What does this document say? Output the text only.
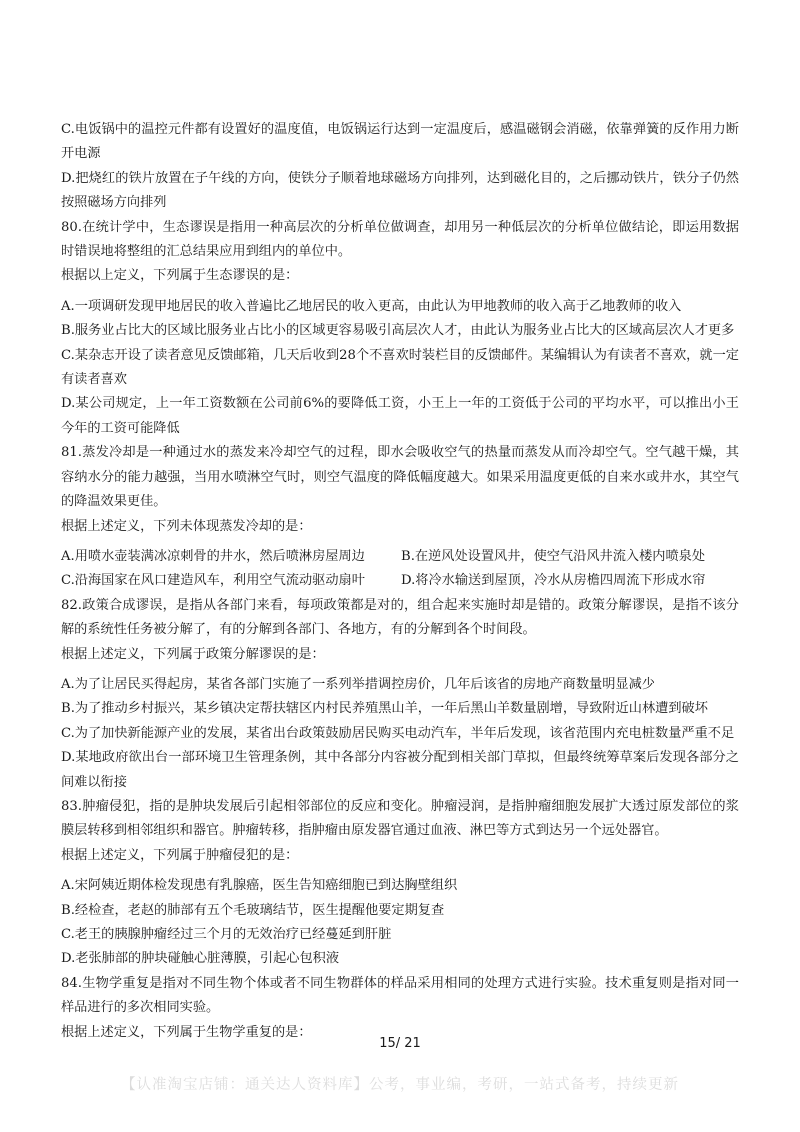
C.电饭锅中的温控元件都有设置好的温度值，电饭锅运行达到一定温度后，感温磁钢会消磁，依靠弹簧的反作用力断开电源

D.把烧红的铁片放置在子午线的方向，使铁分子顺着地球磁场方向排列，达到磁化目的，之后挪动铁片，铁分子仍然按照磁场方向排列

80.在统计学中，生态谬误是指用一种高层次的分析单位做调查，却用另一种低层次的分析单位做结论，即运用数据时错误地将整组的汇总结果应用到组内的单位中。

根据以上定义，下列属于生态谬误的是：

A.一项调研发现甲地居民的收入普遍比乙地居民的收入更高，由此认为甲地教师的收入高于乙地教师的收入

B.服务业占比大的区域比服务业占比小的区域更容易吸引高层次人才，由此认为服务业占比大的区域高层次人才更多

C.某杂志开设了读者意见反馈邮箱，几天后收到28个不喜欢时装栏目的反馈邮件。某编辑认为有读者不喜欢，就一定有读者喜欢

D.某公司规定，上一年工资数额在公司前6%的要降低工资，小王上一年的工资低于公司的平均水平，可以推出小王今年的工资可能降低

81.蒸发冷却是一种通过水的蒸发来冷却空气的过程，即水会吸收空气的热量而蒸发从而冷却空气。空气越干燥，其容纳水分的能力越强，当用水喷淋空气时，则空气温度的降低幅度越大。如果采用温度更低的自来水或井水，其空气的降温效果更佳。

根据上述定义，下列未体现蒸发冷却的是：

A.用喷水壶装满冰凉刺骨的井水，然后喷淋房屋周边	B.在逆风处设置风井，使空气沿风井流入楼内喷泉处
C.沿海国家在风口建造风车，利用空气流动驱动扇叶	D.将冷水输送到屋顶，冷水从房檐四周流下形成水帘

82.政策合成谬误，是指从各部门来看，每项政策都是对的，组合起来实施时却是错的。政策分解谬误，是指不该分解的系统性任务被分解了，有的分解到各部门、各地方，有的分解到各个时间段。

根据上述定义，下列属于政策分解谬误的是：

A.为了让居民买得起房，某省各部门实施了一系列举措调控房价，几年后该省的房地产商数量明显减少

B.为了推动乡村振兴，某乡镇决定帮扶辖区内村民养殖黑山羊，一年后黑山羊数量剧增，导致附近山林遭到破坏

C.为了加快新能源产业的发展，某省出台政策鼓励居民购买电动汽车，半年后发现，该省范围内充电桩数量严重不足

D.某地政府欲出台一部环境卫生管理条例，其中各部分内容被分配到相关部门草拟，但最终统筹草案后发现各部分之间难以衔接

83.肿瘤侵犯，指的是肿块发展后引起相邻部位的反应和变化。肿瘤浸润，是指肿瘤细胞发展扩大透过原发部位的浆膜层转移到相邻组织和器官。肿瘤转移，指肿瘤由原发器官通过血液、淋巴等方式到达另一个远处器官。

根据上述定义，下列属于肿瘤侵犯的是：

A.宋阿姨近期体检发现患有乳腺癌，医生告知癌细胞已到达胸壁组织

B.经检查，老赵的肺部有五个毛玻璃结节，医生提醒他要定期复查

C.老王的胰腺肿瘤经过三个月的无效治疗已经蔓延到肝脏

D.老张肺部的肿块碰触心脏薄膜，引起心包积液

84.生物学重复是指对不同生物个体或者不同生物群体的样品采用相同的处理方式进行实验。技术重复则是指对同一样品进行的多次相同实验。

根据上述定义，下列属于生物学重复的是：

15/ 21
【认准淘宝店铺：通关达人资料库】公考，事业编，考研，一站式备考，持续更新
